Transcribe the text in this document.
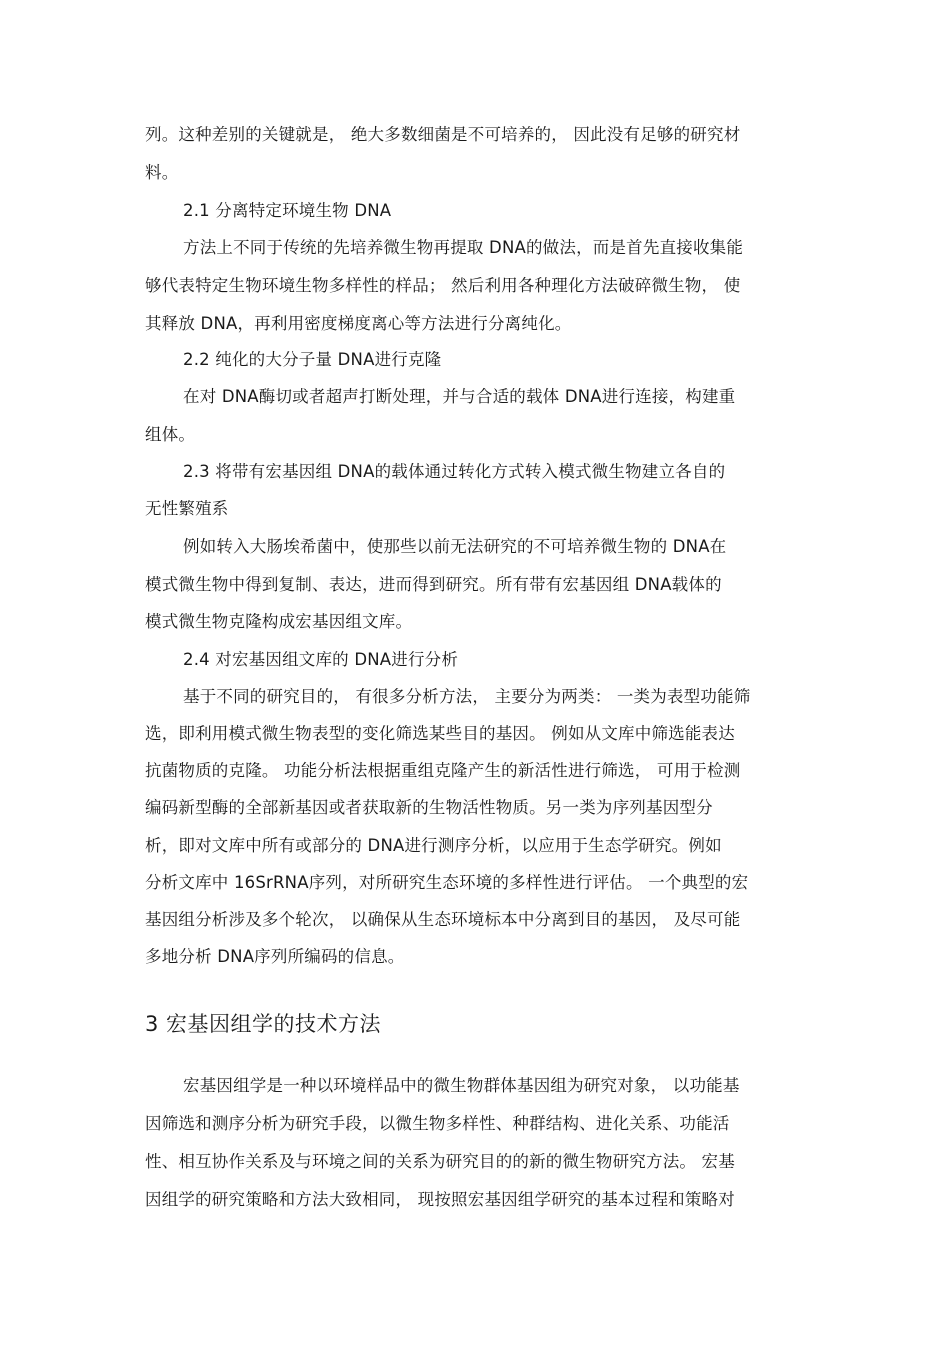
列。这种差别的关键就是， 绝大多数细菌是不可培养的， 因此没有足够的研究材
料。
2.1 分离特定环境生物 DNA
方法上不同于传统的先培养微生物再提取 DNA的做法，而是首先直接收集能
够代表特定生物环境生物多样性的样品； 然后利用各种理化方法破碎微生物， 使
其释放 DNA，再利用密度梯度离心等方法进行分离纯化。
2.2 纯化的大分子量 DNA进行克隆
在对 DNA酶切或者超声打断处理，并与合适的载体 DNA进行连接，构建重
组体。
2.3 将带有宏基因组 DNA的载体通过转化方式转入模式微生物建立各自的
无性繁殖系
例如转入大肠埃希菌中，使那些以前无法研究的不可培养微生物的 DNA在
模式微生物中得到复制、表达，进而得到研究。所有带有宏基因组 DNA载体的
模式微生物克隆构成宏基因组文库。
2.4 对宏基因组文库的 DNA进行分析
基于不同的研究目的， 有很多分析方法， 主要分为两类： 一类为表型功能筛
选，即利用模式微生物表型的变化筛选某些目的基因。 例如从文库中筛选能表达
抗菌物质的克隆。 功能分析法根据重组克隆产生的新活性进行筛选， 可用于检测
编码新型酶的全部新基因或者获取新的生物活性物质。另一类为序列基因型分
析，即对文库中所有或部分的 DNA进行测序分析，以应用于生态学研究。例如
分析文库中 16SrRNA序列，对所研究生态环境的多样性进行评估。 一个典型的宏
基因组分析涉及多个轮次， 以确保从生态环境标本中分离到目的基因， 及尽可能
多地分析 DNA序列所编码的信息。
3 宏基因组学的技术方法
宏基因组学是一种以环境样品中的微生物群体基因组为研究对象， 以功能基
因筛选和测序分析为研究手段，以微生物多样性、种群结构、进化关系、功能活
性、相互协作关系及与环境之间的关系为研究目的的新的微生物研究方法。 宏基
因组学的研究策略和方法大致相同， 现按照宏基因组学研究的基本过程和策略对
